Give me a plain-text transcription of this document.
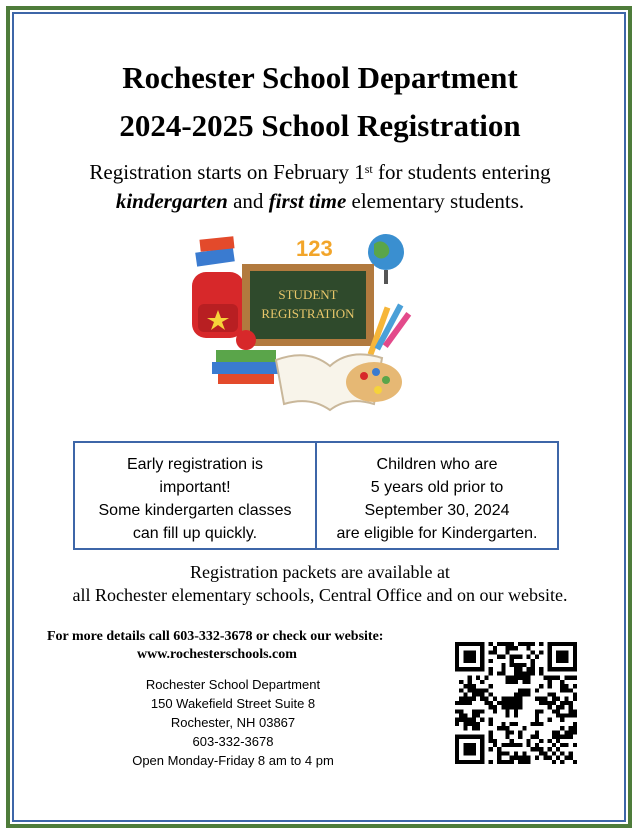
Rochester School Department
2024-2025 School Registration
Registration starts on February 1st for students entering
kindergarten and first time elementary students.
STUDENT
REGISTRATION
123
Early registration is
important!
Some kindergarten classes
can fill up quickly.
Children who are
5 years old prior to
September 30, 2024
are eligible for Kindergarten.
Registration packets are available at
all Rochester elementary schools, Central Office and on our website.
For more details call 603-332-3678 or check our website:
www.rochesterschools.com
Rochester School Department
150 Wakefield Street Suite 8
Rochester, NH 03867
603-332-3678
Open Monday-Friday 8 am to 4 pm
